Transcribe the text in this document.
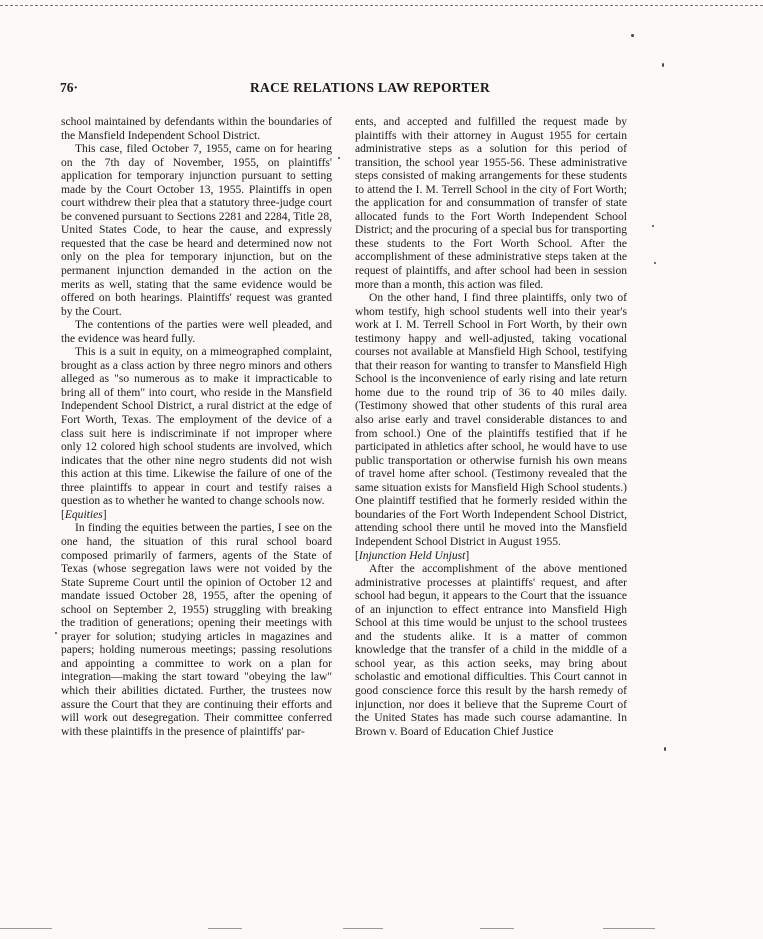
76·	RACE RELATIONS LAW REPORTER

school maintained by defendants within the boundaries of the Mansfield Independent School District.

This case, filed October 7, 1955, came on for hearing on the 7th day of November, 1955, on plaintiffs' application for temporary injunction pursuant to setting made by the Court October 13, 1955. Plaintiffs in open court withdrew their plea that a statutory three-judge court be convened pursuant to Sections 2281 and 2284, Title 28, United States Code, to hear the cause, and expressly requested that the case be heard and determined now not only on the plea for temporary injunction, but on the permanent injunction demanded in the action on the merits as well, stating that the same evidence would be offered on both hearings. Plaintiffs' request was granted by the Court.

The contentions of the parties were well pleaded, and the evidence was heard fully.

This is a suit in equity, on a mimeographed complaint, brought as a class action by three negro minors and others alleged as "so numerous as to make it impracticable to bring all of them" into court, who reside in the Mansfield Independent School District, a rural district at the edge of Fort Worth, Texas. The employment of the device of a class suit here is indiscriminate if not improper where only 12 colored high school students are involved, which indicates that the other nine negro students did not wish this action at this time. Likewise the failure of one of the three plaintiffs to appear in court and testify raises a question as to whether he wanted to change schools now.

[Equities]

In finding the equities between the parties, I see on the one hand, the situation of this rural school board composed primarily of farmers, agents of the State of Texas (whose segregation laws were not voided by the State Supreme Court until the opinion of October 12 and mandate issued October 28, 1955, after the opening of school on September 2, 1955) struggling with breaking the tradition of generations; opening their meetings with prayer for solution; studying articles in magazines and papers; holding numerous meetings; passing resolutions and appointing a committee to work on a plan for integration—making the start toward "obeying the law" which their abilities dictated. Further, the trustees now assure the Court that they are continuing their efforts and will work out desegregation. Their committee conferred with these plaintiffs in the presence of plaintiffs' par-

ents, and accepted and fulfilled the request made by plaintiffs with their attorney in August 1955 for certain administrative steps as a solution for this period of transition, the school year 1955-56. These administrative steps consisted of making arrangements for these students to attend the I. M. Terrell School in the city of Fort Worth; the application for and consummation of transfer of state allocated funds to the Fort Worth Independent School District; and the procuring of a special bus for transporting these students to the Fort Worth School. After the accomplishment of these administrative steps taken at the request of plaintiffs, and after school had been in session more than a month, this action was filed.

On the other hand, I find three plaintiffs, only two of whom testify, high school students well into their year's work at I. M. Terrell School in Fort Worth, by their own testimony happy and well-adjusted, taking vocational courses not available at Mansfield High School, testifying that their reason for wanting to transfer to Mansfield High School is the inconvenience of early rising and late return home due to the round trip of 36 to 40 miles daily. (Testimony showed that other students of this rural area also arise early and travel considerable distances to and from school.) One of the plaintiffs testified that if he participated in athletics after school, he would have to use public transportation or otherwise furnish his own means of travel home after school. (Testimony revealed that the same situation exists for Mansfield High School students.) One plaintiff testified that he formerly resided within the boundaries of the Fort Worth Independent School District, attending school there until he moved into the Mansfield Independent School District in August 1955.

[Injunction Held Unjust]

After the accomplishment of the above mentioned administrative processes at plaintiffs' request, and after school had begun, it appears to the Court that the issuance of an injunction to effect entrance into Mansfield High School at this time would be unjust to the school trustees and the students alike. It is a matter of common knowledge that the transfer of a child in the middle of a school year, as this action seeks, may bring about scholastic and emotional difficulties. This Court cannot in good conscience force this result by the harsh remedy of injunction, nor does it believe that the Supreme Court of the United States has made such course adamantine. In Brown v. Board of Education Chief Justice
